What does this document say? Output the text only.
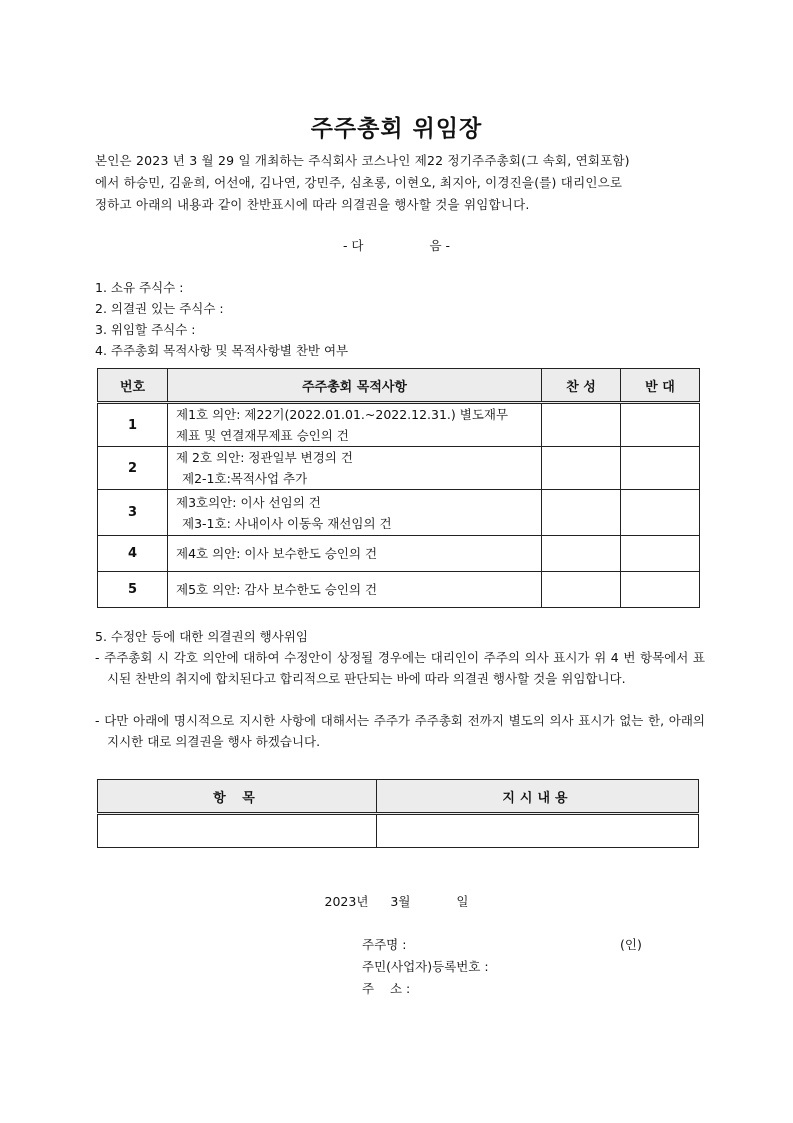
주주총회 위임장
본인은 2023 년 3 월 29 일 개최하는 주식회사 코스나인 제22 정기주주총회(그 속회, 연회포함)
에서 하승민, 김윤희, 어선애, 김나연, 강민주, 심초롱, 이현오, 최지아, 이경진을(를) 대리인으로
정하고 아래의 내용과 같이 찬반표시에 따라 의결권을 행사할 것을 위임합니다.
- 다	음 -
1. 소유 주식수 :
2. 의결권 있는 주식수 :
3. 위임할 주식수 :
4. 주주총회 목적사항 및 목적사항별 찬반 여부
번호	주주총회 목적사항	찬 성	반 대
1	제1호 의안: 제22기(2022.01.01.~2022.12.31.) 별도재무
제표 및 연결재무제표 승인의 건		

2	제 2호 의안: 정관일부 변경의 건
제2-1호:목적사업 추가		

3	제3호의안: 이사 선임의 건
제3-1호: 사내이사 이동욱 재선임의 건		

4	제4호 의안: 이사 보수한도 승인의 건		
5	제5호 의안: 감사 보수한도 승인의 건		
5. 수정안 등에 대한 의결권의 행사위임
- 주주총회 시 각호 의안에 대하여 수정안이 상정될 경우에는 대리인이 주주의 의사 표시가 위 4 번 항목에서 표시된 찬반의 취지에 합치된다고 합리적으로 판단되는 바에 따라 의결권 행사할 것을 위임합니다.
- 다만 아래에 명시적으로 지시한 사항에 대해서는 주주가 주주총회 전까지 별도의 의사 표시가 없는 한, 아래의 지시한 대로 의결권을 행사 하겠습니다.
항 목	지시내용

2023년 3월	일
주주명 :	(인)
주민(사업자)등록번호 :
주    소 :
